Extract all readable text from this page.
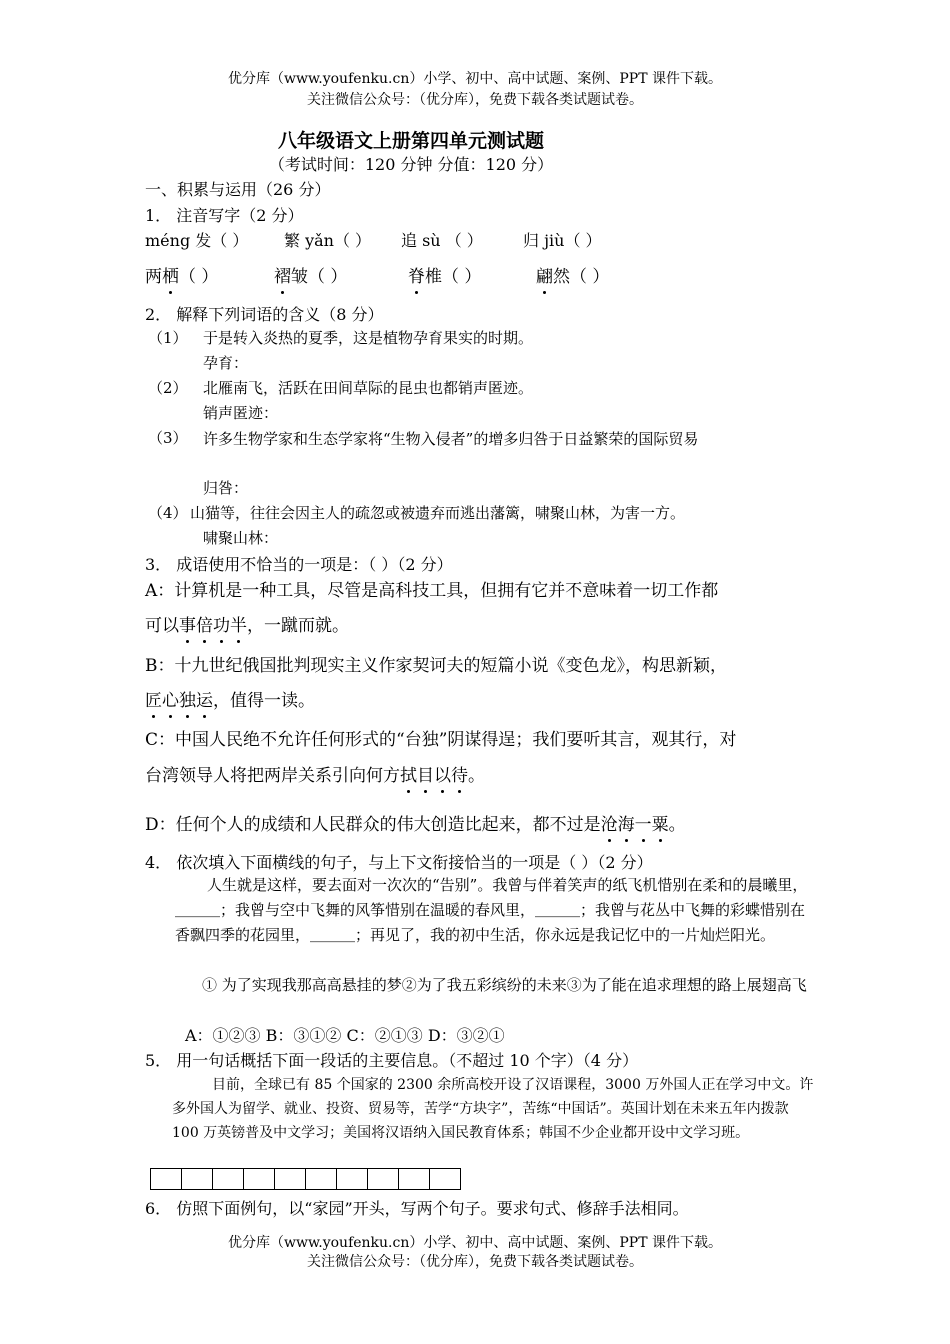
优分库（www.youfenku.cn）小学、初中、高中试题、案例、PPT 课件下载。
关注微信公众号：（优分库），免费下载各类试题试卷。
八年级语文上册第四单元测试题
（考试时间：120 分钟 分值：120 分）
一、积累与运用（26 分）
1． 注音写字（2 分）
méng 发（ ） 繁 yǎn（ ） 追 sù （ ）	归 jiù（ ）
两栖（ ）	褶皱（ ）	脊椎（ ）	翩然（ ）
2． 解释下列词语的含义（8 分）
（1） 于是转入炎热的夏季，这是植物孕育果实的时期。
孕育：
（2） 北雁南飞，活跃在田间草际的昆虫也都销声匿迹。
销声匿迹：
（3） 许多生物学家和生态学家将“生物入侵者”的增多归咎于日益繁荣的国际贸易
归咎：
（4） 山猫等，往往会因主人的疏忽或被遗弃而逃出藩篱，啸聚山林，为害一方。
啸聚山林：
3． 成语使用不恰当的一项是：（ ）（2 分）
A：计算机是一种工具，尽管是高科技工具，但拥有它并不意味着一切工作都
可以事倍功半，一蹴而就。
B：十九世纪俄国批判现实主义作家契诃夫的短篇小说《变色龙》，构思新颖，
匠心独运，值得一读。
C：中国人民绝不允许任何形式的“台独”阴谋得逞；我们要听其言，观其行，对
台湾领导人将把两岸关系引向何方拭目以待。
D：任何个人的成绩和人民群众的伟大创造比起来，都不过是沧海一粟。
4． 依次填入下面横线的句子，与上下文衔接恰当的一项是（ ）（2 分）
人生就是这样，要去面对一次次的“告别”。我曾与伴着笑声的纸飞机惜别在柔和的晨曦里，＿＿＿；我曾与空中飞舞的风筝惜别在温暖的春风里，＿＿＿；我曾与花丛中飞舞的彩蝶惜别在香飘四季的花园里，＿＿＿；再见了，我的初中生活，你永远是我记忆中的一片灿烂阳光。
① 为了实现我那高高悬挂的梦②为了我五彩缤纷的未来③为了能在追求理想的路上展翅高飞
A：①②③ B：③①② C：②①③ D：③②①
5． 用一句话概括下面一段话的主要信息。（不超过 10 个字）（4 分）
目前，全球已有 85 个国家的 2300 余所高校开设了汉语课程，3000 万外国人正在学习中文。许多外国人为留学、就业、投资、贸易等，苦学“方块字”，苦练“中国话”。英国计划在未来五年内拨款 100 万英镑普及中文学习；美国将汉语纳入国民教育体系；韩国不少企业都开设中文学习班。
6． 仿照下面例句，以“家园”开头，写两个句子。要求句式、修辞手法相同。
优分库（www.youfenku.cn）小学、初中、高中试题、案例、PPT 课件下载。
关注微信公众号：（优分库），免费下载各类试题试卷。
